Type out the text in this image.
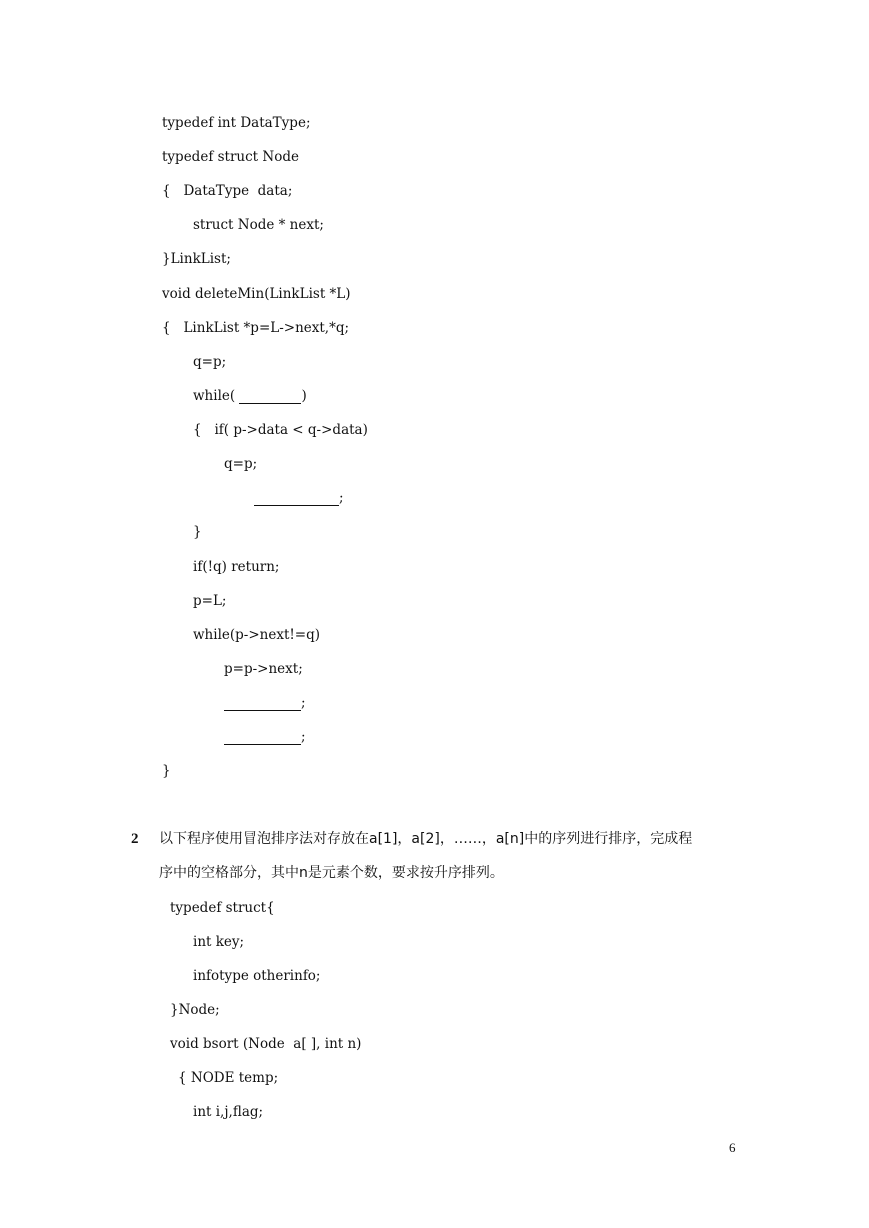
typedef int DataType;
typedef struct Node
{   DataType  data;
struct Node * next;
}LinkList;
void deleteMin(LinkList *L)
{   LinkList *p=L->next,*q;
q=p;
while(	)
{   if( p->data < q->data)
q=p;
;
}
if(!q) return;
p=L;
while(p->next!=q)
p=p->next;
;
;
}
2 以下程序使用冒泡排序法对存放在a[1]，a[2]，……，a[n]中的序列进行排序，完成程
序中的空格部分，其中n是元素个数，要求按升序排列。
typedef struct{
int key;
infotype otherinfo;
}Node;
void bsort (Node  a[ ], int n)
{ NODE temp;
int i,j,flag;
6
